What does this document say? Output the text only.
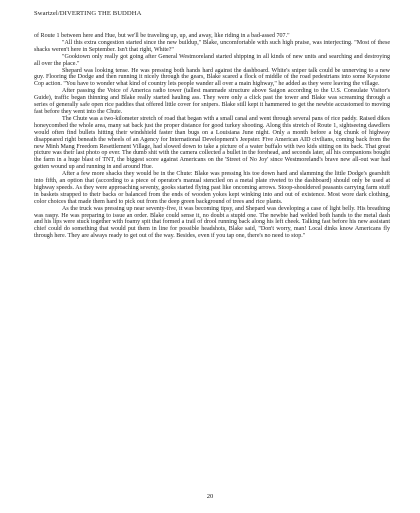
Swartzel/DIVERTING THE BUDDHA

of Route 1 between here and Hue, but we'll be traveling up, up, and away, like riding in a bad-assed 707."

"All this extra congestion started since the new buildup," Blake, uncomfortable with such high praise, was interjecting. "Most of these shacks weren't here in September. Isn't that right, White?"

"Gooktown only really got going after General Westmoreland started shipping in all kinds of new units and searching and destroying all over the place."

Shepard was looking tense. He was pressing both hands hard against the dashboard. White's sniper talk could be unnerving to a new guy. Flooring the Dodge and then running it nicely through the gears, Blake scared a flock of middle of the road pedestrians into some Keystone Cop action. "You have to wonder what kind of country lets people wander all over a main highway," he added as they were leaving the village.

After passing the Voice of America radio tower (tallest manmade structure above Saigon according to the U.S. Consulate Visitor's Guide), traffic began thinning and Blake really started hauling ass. They were only a click past the tower and Blake was screaming through a series of generally safe open rice paddies that offered little cover for snipers. Blake still kept it hammered to get the newbie accustomed to moving fast before they went into the Chute.

The Chute was a two-kilometer stretch of road that began with a small canal and went through several pans of rice paddy. Raised dikes honeycombed the whole area, many sat back just the proper distance for good turkey shooting. Along this stretch of Route 1, sightseeing dawdlers would often find bullets hitting their windshield faster than bugs on a Louisiana June night. Only a month before a big chunk of highway disappeared right beneath the wheels of an Agency for International Development's Jeepster. Five American AID civilians, coming back from the new Minh Mang Freedom Resettlement Village, had slowed down to take a picture of a water buffalo with two kids sitting on its back. That great picture was their last photo op ever. The dumb shit with the camera collected a bullet in the forehead, and seconds later, all his companions bought the farm in a huge blast of TNT, the biggest score against Americans on the 'Street of No Joy' since Westmoreland's brave new all-out war had gotten wound up and running in and around Hue.

After a few more shacks they would be in the Chute: Blake was pressing his toe down hard and slamming the little Dodge's gearshift into fifth, an option that (according to a piece of operator's manual stenciled on a metal plate riveted to the dashboard) should only be used at highway speeds. As they were approaching seventy, gooks started flying past like oncoming arrows. Stoop-shouldered peasants carrying farm stuff in baskets strapped to their backs or balanced from the ends of wooden yokes kept winking into and out of existence. Most wore dark clothing, color choices that made them hard to pick out from the deep green background of trees and rice plants.

As the truck was pressing up near seventy-five, it was becoming tipsy, and Shepard was developing a case of light belly. His breathing was raspy. He was preparing to issue an order. Blake could sense it, no doubt a stupid one. The newbie had welded both hands to the metal dash and his lips were stuck together with foamy spit that formed a trail of drool running back along his left cheek. Talking fast before his new assistant chief could do something that would put them in line for possible headshots, Blake said, "Don't worry, man! Local dinks know Americans fly through here. They are always ready to get out of the way. Besides, even if you tap one, there's no need to stop."

20
